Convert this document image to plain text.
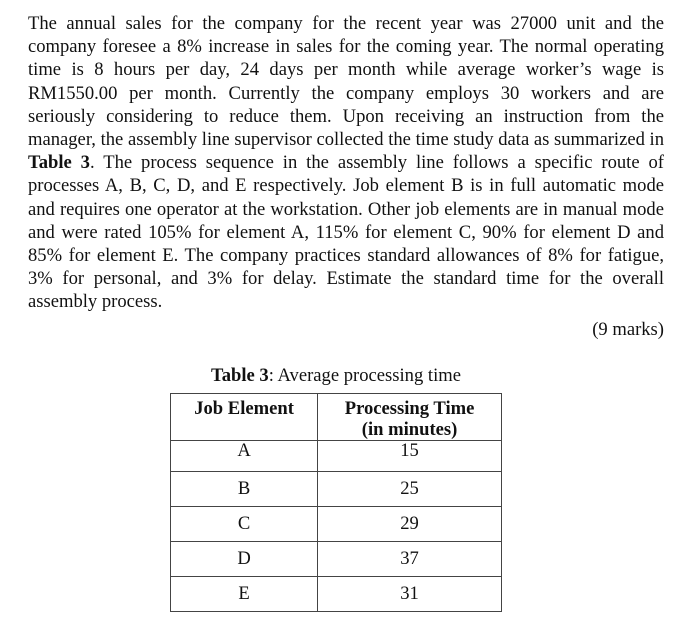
The annual sales for the company for the recent year was 27000 unit and the company foresee a 8% increase in sales for the coming year. The normal operating time is 8 hours per day, 24 days per month while average worker’s wage is RM1550.00 per month. Currently the company employs 30 workers and are seriously considering to reduce them. Upon receiving an instruction from the manager, the assembly line supervisor collected the time study data as summarized in Table 3. The process sequence in the assembly line follows a specific route of processes A, B, C, D, and E respectively. Job element B is in full automatic mode and requires one operator at the workstation. Other job elements are in manual mode and were rated 105% for element A, 115% for element C, 90% for element D and 85% for element E. The company practices standard allowances of 8% for fatigue, 3% for personal, and 3% for delay. Estimate the standard time for the overall assembly process.

(9 marks)
Table 3: Average processing time
Job Element	Processing Time
(in minutes)
A	15
B	25
C	29
D	37
E	31
